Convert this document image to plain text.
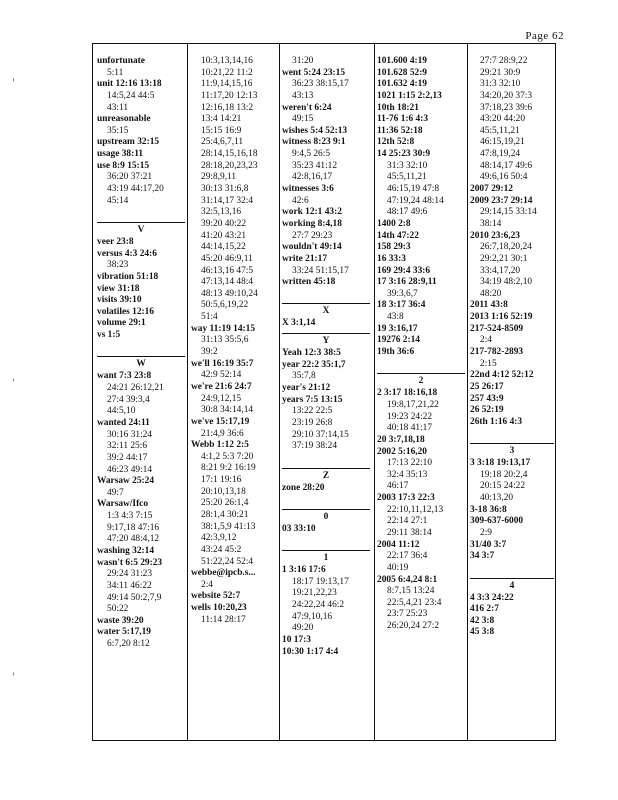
Page 62
'
'
'
unfortunate
5:11
unit 12:16 13:18
14:5,24 44:5
43:11
unreasonable
35:15
upstream 32:15
usage 38:11
use 8:9 15:15
36:20 37:21
43:19 44:17,20
45:14
V
veer 23:8
versus 4:3 24:6
38:23
vibration 51:18
view 31:18
visits 39:10
volatiles 12:16
volume 29:1
vs 1:5
W
want 7:3 23:8
24:21 26:12,21
27:4 39:3,4
44:5,10
wanted 24:11
30:16 31:24
32:11 25:6
39:2 44:17
46:23 49:14
Warsaw 25:24
49:7
Warsaw/Ifco
1:3 4:3 7:15
9:17,18 47:16
47:20 48:4,12
washing 32:14
wasn't 6:5 29:23
29:24 31:23
34:11 46:22
49:14 50:2,7,9
50:22
waste 39:20
water 5:17,19
6:7,20 8:12
10:3,13,14,16
10:21,22 11:2
11:9,14,15,16
11:17,20 12:13
12:16,18 13:2
13:4 14:21
15:15 16:9
25:4,6,7,11
28:14,15,16,18
28:18,20,23,23
29:8,9,11
30:13 31:6,8
31:14,17 32:4
32:5,13,16
39:20 40:22
41:20 43:21
44:14,15,22
45:20 46:9,11
46:13,16 47:5
47:13,14 48:4
48:13 49:10,24
50:5,6,19,22
51:4
way 11:19 14:15
31:13 35:5,6
39:2
we'll 16:19 35:7
42:9 52:14
we're 21:6 24:7
24:9,12,15
30:8 34:14,14
we've 15:17,19
21:4,9 36:6
Webb 1:12 2:5
4:1,2 5:3 7:20
8:21 9:2 16:19
17:1 19:16
20:10,13,18
25:20 26:1,4
28:1,4 30:21
38:1,5,9 41:13
42:3,9,12
43:24 45:2
51:22,24 52:4
webbe@ipcb.s...
2:4
website 52:7
wells 10:20,23
11:14 28:17
31:20
went 5:24 23:15
36:23 38:15,17
43:13
weren't 6:24
49:15
wishes 5:4 52:13
witness 8:23 9:1
9:4,5 26:5
35:23 41:12
42:8,16,17
witnesses 3:6
42:6
work 12:1 43:2
working 8:4,18
27:7 29:23
wouldn't 49:14
write 21:17
33:24 51:15,17
written 45:18
X
X 3:1,14
Y
Yeah 12:3 38:5
year 22:2 35:1,7
35:7,8
year's 21:12
years 7:5 13:15
13:22 22:5
23:19 26:8
29:10 37:14,15
37:19 38:24
Z
zone 28:20
0
03 33:10
1
1 3:16 17:6
18:17 19:13,17
19:21,22,23
24:22,24 46:2
47:9,10,16
49:20
10 17:3
10:30 1:17 4:4
101.600 4:19
101.628 52:9
101.632 4:19
1021 1:15 2:2,13
10th 18:21
11-76 1:6 4:3
11:36 52:18
12th 52:8
14 25:23 30:9
31:3 32:10
45:5,11,21
46:15,19 47:8
47:19,24 48:14
48:17 49:6
1400 2:8
14th 47:22
158 29:3
16 33:3
169 29:4 33:6
17 3:16 28:9,11
39:3,6,7
18 3:17 36:4
43:8
19 3:16,17
19276 2:14
19th 36:6
2
2 3:17 18:16,18
19:8,17,21,22
19:23 24:22
40:18 41:17
20 3:7,18,18
2002 5:16,20
17:13 22:10
32:4 35:13
46:17
2003 17:3 22:3
22:10,11,12,13
22:14 27:1
29:11 38:14
2004 11:12
22:17 36:4
40:19
2005 6:4,24 8:1
8:7,15 13:24
22:5,4,21 23:4
23:7 25:23
26:20,24 27:2
27:7 28:9,22
29:21 30:9
31:3 32:10
34:20,20 37:3
37:18,23 39:6
43:20 44:20
45:5,11,21
46:15,19,21
47:8,19,24
48:14,17 49:6
49:6,16 50:4
2007 29:12
2009 23:7 29:14
29:14,15 33:14
38:14
2010 23:6,23
26:7,18,20,24
29:2,21 30:1
33:4,17,20
34:19 48:2,10
48:20
2011 43:8
2013 1:16 52:19
217-524-8509
2:4
217-782-2893
2:15
22nd 4:12 52:12
25 26:17
257 43:9
26 52:19
26th 1:16 4:3
3
3 3:18 19:13,17
19:18 20:2,4
20:15 24:22
40:13,20
3-18 36:8
309-637-6000
2:9
31/40 3:7
34 3:7
4
4 3:3 24:22
416 2:7
42 3:8
45 3:8
